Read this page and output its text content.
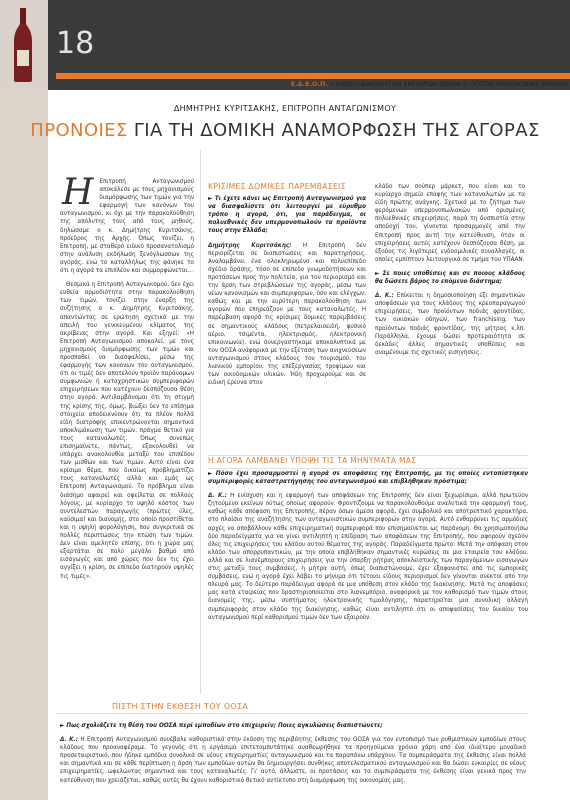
18
Ε.Δ.Ε.Ο.Π. • ΕΝΩΣΗ ΔΙΑΚΙΝΗΤΩΝ ΕΜΠΟΡΩΝ ΟΙΝΩΝ & ΠΟΤΩΝ ΜΑΚΕΔΟΝΙΑΣ ΘΡΑΚΗΣ
ΔΗΜΗΤΡΗΣ ΚΥΡΙΤΣΑΚΗΣ, ΕΠΙΤΡΟΠΗ ΑΝΤΑΓΩΝΙΣΜΟΥ
ΠΡΟΝΟΙΕΣ ΓΙΑ ΤΗ ΔΟΜΙΚΗ ΑΝΑΜΟΡΦΩΣΗ ΤΗΣ ΑΓΟΡΑΣ

Η Επιτροπή Ανταγωνισμού αποκάλεσε με τους μηχανισμούς διαμόρφωσης των τιμών για την εφαρμογή των κανόνων του ανταγωνισμού, κι όχι με την παρακολούθηση της απόλυτης τους από τους μηθούς, δηλώσαμε ο κ. Δημήτρης Κυριτσάκης, πρόεδρος της Αρχής. Όπως τονίζει, η Επιτροπή, με σταθερό ειδικό προσανατολισμό στην ανάλυση εκδήλωση ξενόγλωσσων της αγοράς, ενώ το καταλλήλως της φάνηκε το ότι η αγορά τα επιπλέον και συμμορφώνεται...

Θεσμικά η Επιτροπή Ανταγωνισμού, δεν έχει ευθεία αρμοδιότητα στην παρακολούθηση των τιμών, τονίζει στην έναρξη της συζήτησης ο κ. Δημήτρης Κυριτσάκης, απαντώντας σε ερώτηση σχετικά με την απειλή του γενικευμένου κλίματος της ακρίβειας στην αγορά. Και εξηγεί: «Η Επιτροπή Ανταγωνισμού αποκαλεί, με τους μηχανισμούς διαμόρφωσης των τιμών και προσπαθεί να διασφαλίσει, μέσω της εφαρμογής των κανόνων του ανταγωνισμού, ότι οι τιμές δεν αποτελούν προϊόν παράνομων συμφωνιών ή καταχρηστικών συμπεριφορών επιχειρήσεων που κατέχουν δεσπόζουσα θέση στην αγορά. Αντιλαμβάνομαι ότι τη στιγμή της κρίσης της, όμως, βιώξει δεν το επίσημα στοιχεία αποδεικνύουν ότι τα πλέον πολλά είδη διατροφής επικεντρώνονται σημαντικά αποκλιμάκωση των τιμών, πράγμα θετικό για τους καταναλωτές. Όπως συνεπώς επισημαίνετε, πάντως, εξακολουθεί να υπάρχει ανακολουθία μεταξύ του επιπέδου των μισθών και των τιμών. Αυτό είναι ένα κρίσιμο θέμα, που δικαίως προβληματίζει τους καταναλωτές αλλά και εμάς ως Επιτροπή Ανταγωνισμού. Το πρόβλημα είναι διάσημο αφαιρεί και οφείλεται σε πολλούς λόγους, με κυρίαρχο το υψηλό κόστος των συντελεστών παραγωγής (πρώτες ύλες, καύσιμα) και διανομής, στο οποίο προστίθεται και η υψηλή φορολόγηση, που συγκριτικά σε πολλές περιπτώσεις την πτώση των τιμών. Δεν είναι αμελητέο επίσης, ότι η χώρα μας εξαρτάται σε πολύ μεγάλο βαθμό από εισαγωγές και από χώρες που δεν τις έχει αγγίξει η κρίση, σε επίπεδο διατηρούν υψηλές τις τιμές».

ΚΡΙΣΙΜΕΣ ΔΟΜΙΚΕΣ ΠΑΡΕΜΒΑΣΕΙΣ

► Τι έχετε κάνει ως Επιτροπή Ανταγωνισμού για να διασφαλίσετε ότι λειτουργεί με εύρυθμο τρόπο η αγορά, ότι, για παράδειγμα, οι πολυεθνικές δεν υπερμονοπωλούν τα προϊόντα τους στην Ελλάδα;

Δημήτρης Κυριτσάκης: Η Επιτροπή δεν περιορίζεται σε διαπιστώσεις και παρατηρήσεις. Αναλαμβάνει ένα ολοκληρωμένο και πολυεπίπεδο σχέδιο δράσης, τόσο σε επίπεδο γνωμοδοτήσεων και προτάσεων προς την πολιτεία, για τον περιορισμό και την άρση των στρεβλώσεων της αγοράς, μέσω των νέων κανονισμών και συμπεριφορών, όσο και ελέγχων, καθώς και με την ευρύτερη παρακολούθηση των αγορών που επηρεάζουν με τους καταναλωτές. Η παρέμβαση αφορά τις κρίσιμες δομικές παρεμβάσεις σε σημαντικούς κλάδους (πετρελαιοειδή, φυσικό αέριο, τσιμέντα, ηλεκτρισμός, ηλεκτρονική επικοινωνία), ενώ συνεργαστήκαμε αποκαλυπτικά με τον ΟΟΣΑ ανάφορικά με την εξέταση των ανιχνεύσεων ανταγωνισμού στους κλάδους του τουρισμού, του λιανικού εμπορίου, της επεξεργασίας τροφίμων και των οικοδομικών υλικών. Ήδη προχωρούμε και σε ειδική έρευνα στον

κλάδο των σούπερ μάρκετ, που είναι και το κυρίαρχο σημείο επαφής των καταναλωτών με τα είδη πρώτης ανάγκης. Σχετικά με το ζήτημα των φερόμενων υπερμονοπωλιακών από ορισμένες πολυεθνικές επιχειρήσεις, παρά τη δυσπιστία στην αποδοχή του, γίνονται προσαρμογές από την Επιτροπή προς αυτή την κατεύθυνση, όταν οι επιχειρήσεις αυτές κατέχουν δεσπόζουσα θέση, με έξοδος τις λιγότερες ενδοομιλικές συναλλαγές, οι οποίες εμπίπτουν λειτουργικά σε τμήμα του ΥΠΑΑΝ.

► Σε ποιες υποθέσεις και σε ποιους κλάδους θα δώσετε βάρος το επόμενο διάστημα;

Δ. Κ.: Επίκειται η δημοσιοποίηση έξι σημαντικών αποφάσεων για τους κλάδους της κρεοπαραγωγού επιχειρήσεις, των προϊόντων ποδιάς φροντίδας, των οικιακών οδηγών, των franchising, των προϊόντων ποδιάς φροντίδας, της μήτρας κ.λπ. Παράλληλα, έχουμε δώσει προτεραιότητα σε δεκάδες άλλες σημαντικές υποθέσεις και αναμένουμε τις σχετικές εισηγήσεις.

Η ΑΓΟΡΑ ΛΑΜΒΑΝΕΙ ΥΠΟΨΗ ΤΙΣ ΤΑ ΜΗΝΥΜΑΤΑ ΜΑΣ

► Πόσο έχει προσαρμοστεί η αγορά σε αποφάσεις της Επιτροπής, με τις οποίες εντοπίστηκαν συμπεριφορές καταστρατήγησης του ανταγωνισμού και επιβλήθηκαν πρόστιμα;

Δ. Κ.: Η ενίσχυση και η εφαρμογή των αποφάσεων της Επιτροπής δεν είναι ξεχωρίσιμο, αλλά πρωτεύον ζητούμενο εκείνων ούτως οποίως αφορούν. Φροντίζουμε να παρακολουθούμε αναλυτικά την εφαρμογή τους, καθώς κάθε απόφαση της Επιτροπής, πέραν όσων άμεσα αφορά, έχει συμβολικό και αποτρεπτικό χαρακτήρα, στο πλαίσιο της αναζήτησης των ανταγωνιστικών συμπεριφορών στην αγορά. Αυτό ενθαρρύνει τις αρμόδιες αρχές να αποβάλλουν κάθε επιχειρηματική συμπεριφορά που επισημαίνεται ως παράνομη. Θα χρησιμοποιήσω δύο παραδείγματα για να γίνει αντιληπτή η επίδραση των αποφάσεων της Επιτροπής, που αφορούν σχεδόν όλες τις επιχειρήσεις του κλάδου αυτού θέματος της αγοράς. Παραδείγματα πρώτο: Μετά την απόφαση στον κλάδο των απορρυπαντικών, με την οποία επιβλήθηκαν σημαντικές κυρώσεις σε μια εταιρεία του κλάδου, αλλά και σε λιανέμπορους επιχειρήσεις για την ύπαρξη ρήτρας αποκλειστικής των παραγόμενων εισαγωγών στις μεταξύ τους συμβάσεις, η μήτρα αυτή, όπως διαπιστώνουμε, έχει εξαφανιστεί από τις εμπορικές συμβάσεις, ενώ η αγορά έχει λάβει το μήνυμα ότι τέτοιοι είδους περιορισμοί δεν γίνονται ανεκτοί από την πλευρά μας. Το δεύτερο παράδειγμα αφορά σε μια υπόθεση στον κλάδο της διακίνησης. Μετά τις αποφάσεις μας κατά εταιρείας που δραστηριοποιείται στο λιανεμπόριο, αναφορικά με τον καθορισμό των τιμών στους διανομείς της, μέσω συστήματος ηλεκτρονικής τιμολόγησης, παρατηρείται μια συνολική αλλαγή συμπεριφοράς στον κλάδο της διακίνησης, καθώς είναι αντιληπτό ότι οι αποφασίσεις του δικαίου του ανταγωνισμού περί καθορισμού τιμών δεν των εξαιρούν.

ΠΙΣΤΗ ΣΤΗΝ ΕΚΘΕΣΗ ΤΟΥ ΟΟΣΑ

► Πως σχολιάζετε τη θέση του ΟΟΣΑ περί εμποδίων στο επιχειρείν; Ποιες αγκυλώσεις διαπιστώνετε;

Δ. Κ.: Η Επιτροπή Ανταγωνισμού συνέβαλε καθοριστικά στην έκδοση της περιβόητης έκθεσης του ΟΟΣΑ για τον εντοπισμό των ρυθμιστικών εμποδίων στους κλάδους που προαναφέραμε. Το γεγονός ότι η εργάσιμα επιτεταμπυτάτηκε αναθεωρήθηκε τα προηγούμενα χρόνια χάρη από ένα ιδιαίτερο μοναδικό προσεταιριστικό, που ήδηκε εμπόδια συνολικά σε νέους επιχειρηματίες ανταγωνισμού και τα παραπάνω υπάρχουν. Τα συμπεράσματα της έκθεσης είναι πολλά και σημαντικά και σε κάθε περίπτωση η άρση των εμποδίων αυτών θα δημιουργήσει συνθήκες αποτελεσματικού ανταγωνισμού και θα δώσει ευκαιρίες σε νέους επιχειρηματίες, ωφελώντας σημαντικά και τους καταναλωτές. Γι' αυτό, άλλωστε, οι προτάσεις και τα συμπεράσματα της έκθεσης είναι γενικά προς την κατεύθυνση που χρειάζεται, καθώς αυτές θα έχουν καθοριστικό θετικό αντίκτυπο στη διαμόρφωση της οικονομίας μας.
